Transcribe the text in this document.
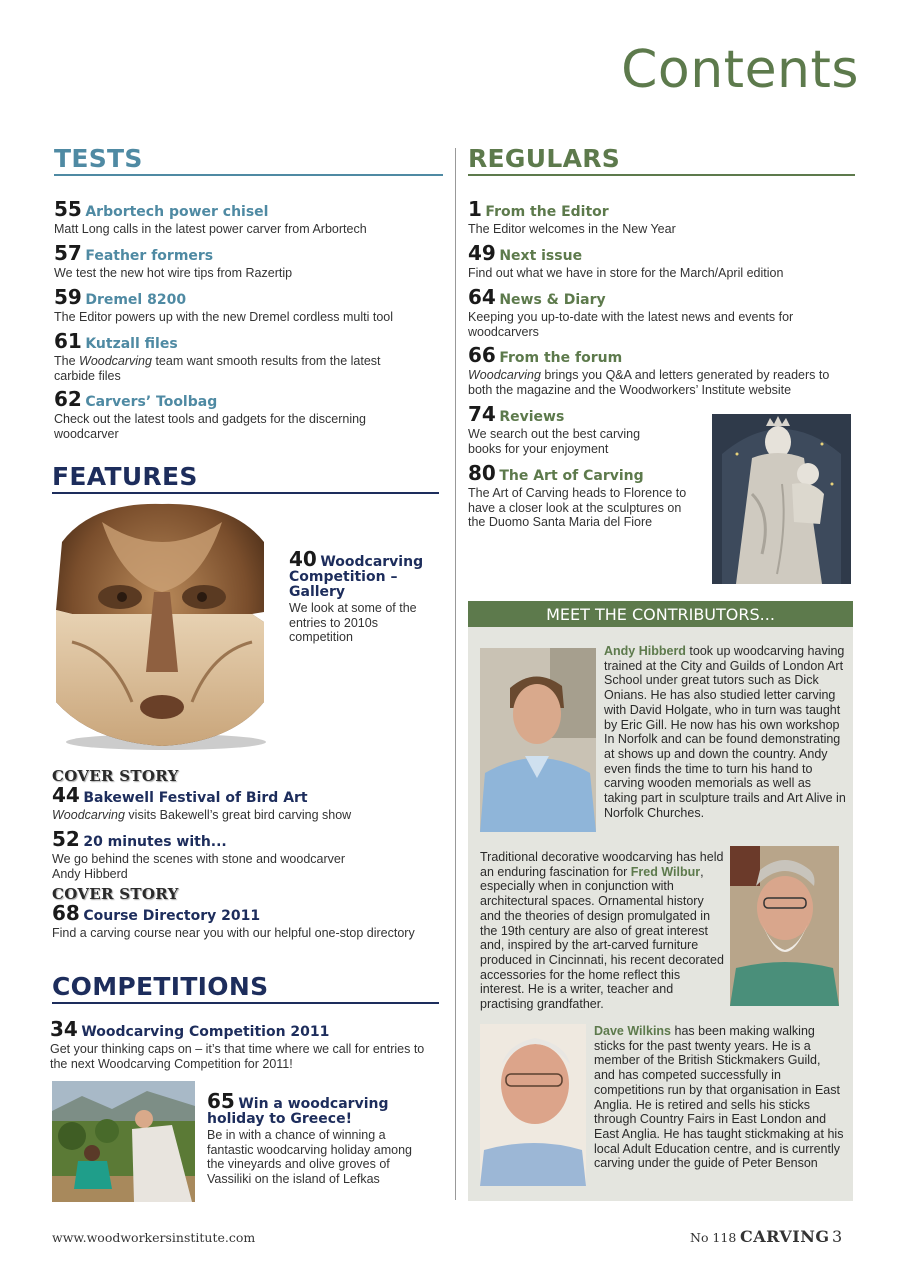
Contents
TESTS
55 Arbortech power chisel
Matt Long calls in the latest power carver from Arbortech
57 Feather formers
We test the new hot wire tips from Razertip
59 Dremel 8200
The Editor powers up with the new Dremel cordless multi tool
61 Kutzall files
The Woodcarving team want smooth results from the latest carbide files
62 Carvers’ Toolbag
Check out the latest tools and gadgets for the discerning woodcarver
FEATURES
40 Woodcarving Competition – Gallery
We look at some of the entries to 2010s competition
COVER STORY
44 Bakewell Festival of Bird Art
Woodcarving visits Bakewell’s great bird carving show
52 20 minutes with...
We go behind the scenes with stone and woodcarver Andy Hibberd
COVER STORY
68 Course Directory 2011
Find a carving course near you with our helpful one-stop directory
COMPETITIONS
34 Woodcarving Competition 2011
Get your thinking caps on – it’s that time where we call for entries to the next Woodcarving Competition for 2011!
65 Win a woodcarving holiday to Greece!
Be in with a chance of winning a fantastic woodcarving holiday among the vineyards and olive groves of Vassiliki on the island of Lefkas
REGULARS
1 From the Editor
The Editor welcomes in the New Year
49 Next issue
Find out what we have in store for the March/April edition
64 News & Diary
Keeping you up-to-date with the latest news and events for woodcarvers
66 From the forum
Woodcarving brings you Q&A and letters generated by readers to both the magazine and the Woodworkers’ Institute website
74 Reviews
We search out the best carving books for your enjoyment
80 The Art of Carving
The Art of Carving heads to Florence to have a closer look at the sculptures on the Duomo Santa Maria del Fiore
MEET THE CONTRIBUTORS...
Andy Hibberd took up woodcarving having trained at the City and Guilds of London Art School under great tutors such as Dick Onians. He has also studied letter carving with David Holgate, who in turn was taught by Eric Gill. He now has his own workshop In Norfolk and can be found demonstrating at shows up and down the country. Andy even finds the time to turn his hand to carving wooden memorials as well as taking part in sculpture trails and Art Alive in Norfolk Churches.
Traditional decorative woodcarving has held an enduring fascination for Fred Wilbur, especially when in conjunction with architectural spaces. Ornamental history and the theories of design promulgated in the 19th century are also of great interest and, inspired by the art-carved furniture produced in Cincinnati, his recent decorated accessories for the home reflect this interest. He is a writer, teacher and practising grandfather.
Dave Wilkins has been making walking sticks for the past twenty years. He is a member of the British Stickmakers Guild, and has competed successfully in competitions run by that organisation in East Anglia. He is retired and sells his sticks through Country Fairs in East London and East Anglia. He has taught stickmaking at his local Adult Education centre, and is currently carving under the guide of Peter Benson
www.woodworkersinstitute.com	No 118 CARVING 3
